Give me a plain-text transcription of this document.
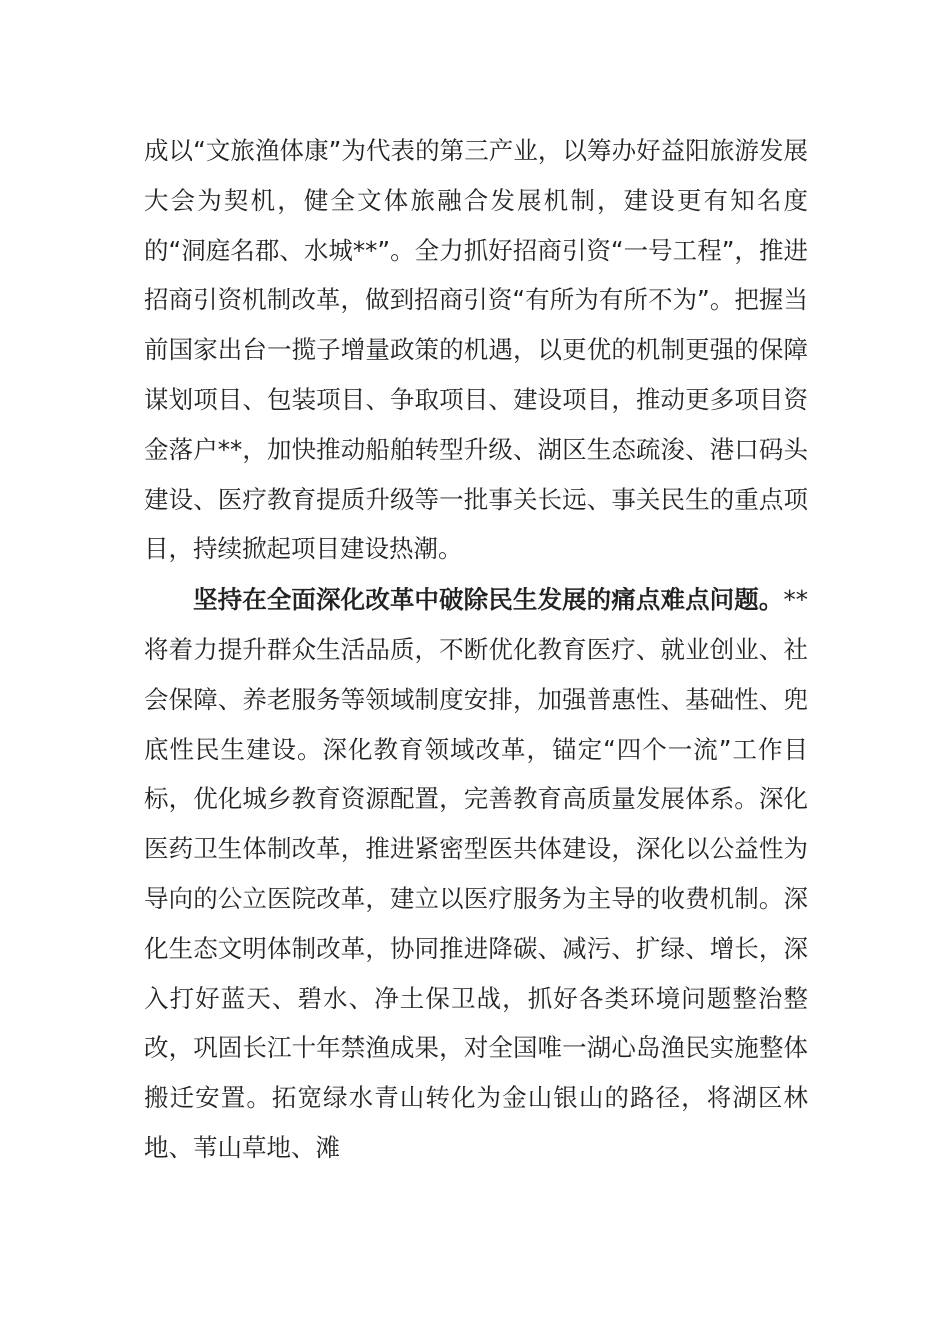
成以“文旅渔体康”为代表的第三产业，以筹办好益阳旅游发展大会为契机，健全文体旅融合发展机制，建设更有知名度的“洞庭名郡、水城**”。全力抓好招商引资“一号工程”，推进招商引资机制改革，做到招商引资“有所为有所不为”。把握当前国家出台一揽子增量政策的机遇，以更优的机制更强的保障谋划项目、包装项目、争取项目、建设项目，推动更多项目资金落户**，加快推动船舶转型升级、湖区生态疏浚、港口码头建设、医疗教育提质升级等一批事关长远、事关民生的重点项目，持续掀起项目建设热潮。

坚持在全面深化改革中破除民生发展的痛点难点问题。**将着力提升群众生活品质，不断优化教育医疗、就业创业、社会保障、养老服务等领域制度安排，加强普惠性、基础性、兜底性民生建设。深化教育领域改革，锚定“四个一流”工作目标，优化城乡教育资源配置，完善教育高质量发展体系。深化医药卫生体制改革，推进紧密型医共体建设，深化以公益性为导向的公立医院改革，建立以医疗服务为主导的收费机制。深化生态文明体制改革，协同推进降碳、减污、扩绿、增长，深入打好蓝天、碧水、净土保卫战，抓好各类环境问题整治整改，巩固长江十年禁渔成果，对全国唯一湖心岛渔民实施整体搬迁安置。拓宽绿水青山转化为金山银山的路径，将湖区林地、苇山草地、滩
